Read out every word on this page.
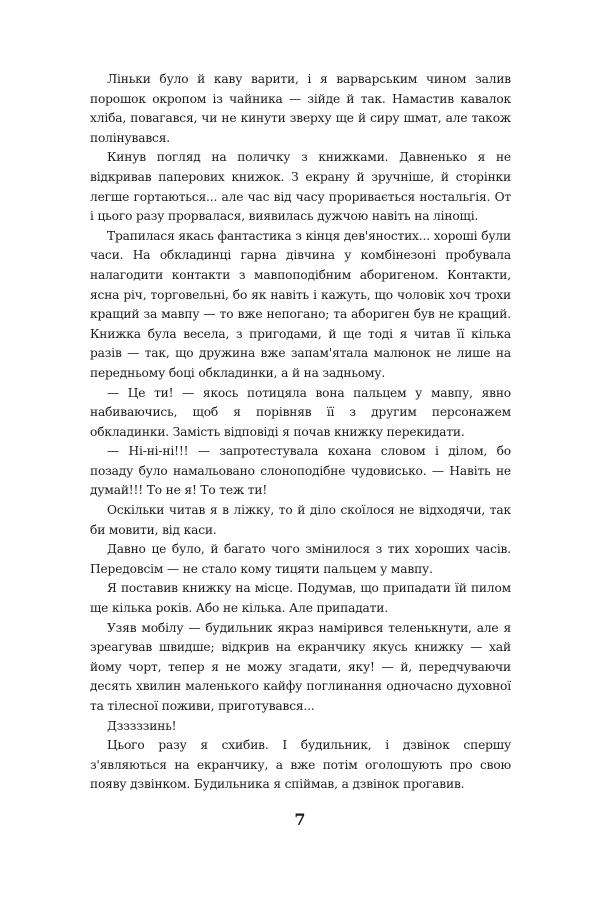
Ліньки було й каву варити, і я варварським чином залив порошок окропом із чайника — зійде й так. Намастив кавалок хліба, повагався, чи не кинути зверху ще й сиру шмат, але також полінувався.

Кинув погляд на поличку з книжками. Давненько я не відкривав паперових книжок. З екрану й зручніше, й сторінки легше гортаються... але час від часу проривається ностальгія. От і цього разу прорвалася, виявилась дужчою навіть на лінощі.

Трапилася якась фантастика з кінця дев'яностих... хороші були часи. На обкладинці гарна дівчина у комбінезоні пробувала налагодити контакти з мавпоподібним аборигеном. Контакти, ясна річ, торговельні, бо як навіть і кажуть, що чоловік хоч трохи кращий за мавпу — то вже непогано; та абориген був не кращий. Книжка була весела, з пригодами, й ще тоді я читав її кілька разів — так, що дружина вже запам'ятала малюнок не лише на передньому боці обкладинки, а й на задньому.

— Це ти! — якось потицяла вона пальцем у мавпу, явно набиваючись, щоб я порівняв її з другим персонажем обкладинки. Замість відповіді я почав книжку перекидати.

— Ні-ні-ні!!! — запротестувала кохана словом і ділом, бо позаду було намальовано слоноподібне чудовисько. — Навіть не думай!!! То не я! То теж ти!

Оскільки читав я в ліжку, то й діло скоїлося не відходячи, так би мовити, від каси.

Давно це було, й багато чого змінилося з тих хороших часів. Передовсім — не стало кому тицяти пальцем у мавпу.

Я поставив книжку на місце. Подумав, що припадати їй пилом ще кілька років. Або не кілька. Але припадати.

Узяв мобілу — будильник якраз намірився теленькнути, але я зреагував швидше; відкрив на екранчику якусь книжку — хай йому чорт, тепер я не можу згадати, яку! — й, передчуваючи десять хвилин маленького кайфу поглинання одночасно духовної та тілесної поживи, приготувався...

Дзззззинь!

Цього разу я схибив. І будильник, і дзвінок спершу з'являються на екранчику, а вже потім оголошують про свою появу дзвінком. Будильника я спіймав, а дзвінок прогавив.

7
